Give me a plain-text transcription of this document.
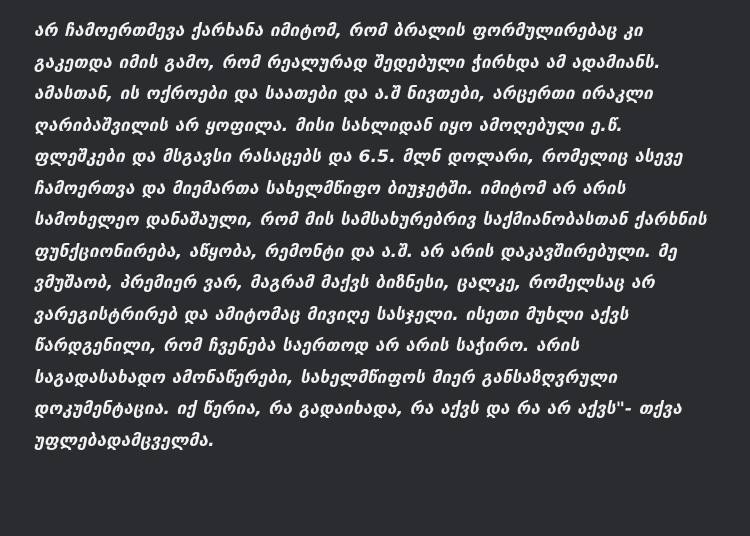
არ ჩამოერთმევა ქარხანა იმიტომ, რომ ბრალის ფორმულირებაც კი გაკეთდა იმის გამო, რომ რეალურად შედებული ჭირხდა ამ ადამიანს. ამასთან, ის ოქროები და საათები და ა.შ ნივთები, არცერთი ირაკლი ღარიბაშვილის არ ყოფილა. მისი სახლიდან იყო ამოღებული ე.წ. ფლეშკები და მსგავსი რასაცებს და 6.5. მლნ დოლარი, რომელიც ასევე ჩამოერთვა და მიემართა სახელმწიფო ბიუჯეტში. იმიტომ არ არის სამოხელეო დანაშაული, რომ მის სამსახურებრივ საქმიანობასთან ქარხნის ფუნქციონირება, აწყობა, რემონტი და ა.შ. არ არის დაკავშირებული. მე ვმუშაობ, პრემიერ ვარ, მაგრამ მაქვს ბიზნესი, ცალკე, რომელსაც არ ვარეგისტრირებ და ამიტომაც მივიღე სასჯელი. ისეთი მუხლი აქვს წარდგენილი, რომ ჩვენება საერთოდ არ არის საჭირო. არის საგადასახადო ამონაწერები, სახელმწიფოს მიერ განსაზღვრული დოკუმენტაცია. იქ წერია, რა გადაიხადა, რა აქვს და რა არ აქვს"- თქვა უფლებადამცველმა.
